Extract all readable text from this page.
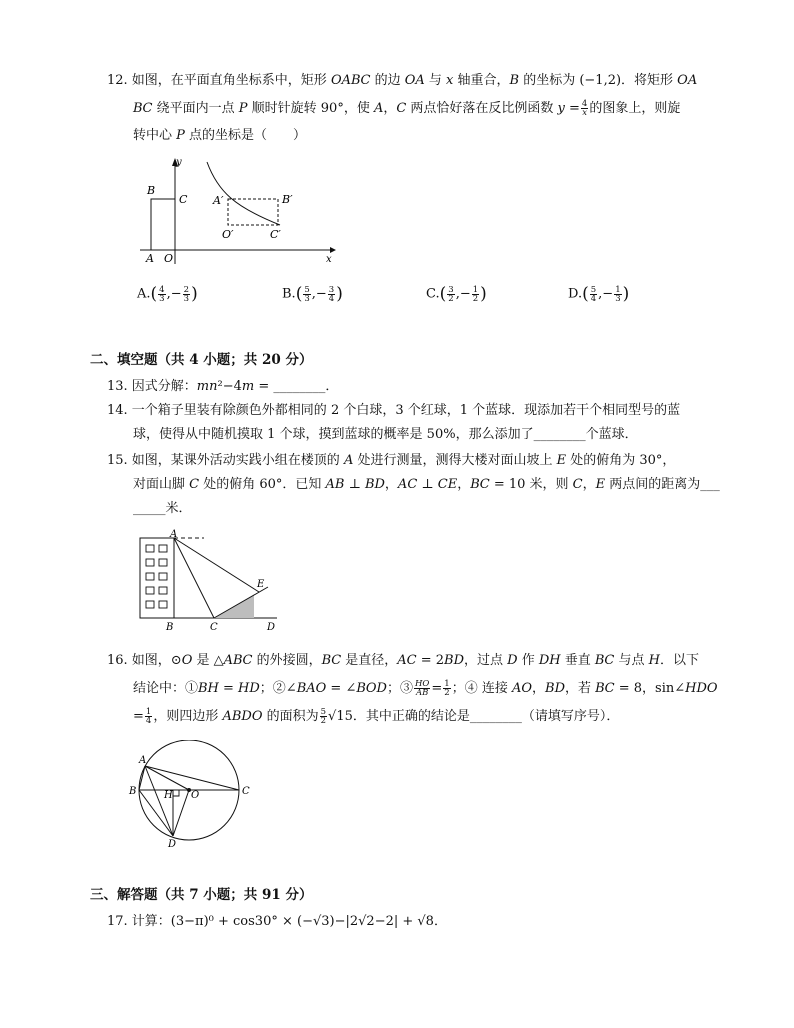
12. 如图，在平面直角坐标系中，矩形 𝑂𝐴𝐵𝐶 的边 𝑂𝐴 与 𝑥 轴重合，𝐵 的坐标为 (−1,2)．将矩形 𝑂𝐴
𝐵𝐶 绕平面内一点 𝑃 顺时针旋转 90°，使 𝐴，𝐶 两点恰好落在反比例函数 𝑦 = $\frac{4}{\text{𝑥}}$ 的图象上，则旋
转中心 𝑃 点的坐标是（　　）
y
x
B
C
A O
A′	B′
O′	C′
$A.( \frac{4}{3}$ ,− $\frac{2}{3}$ )	$B.( \frac{5}{3}$ ,− $\frac{3}{4}$ )	$C.( \frac{3}{2}$ ,− $\frac{1}{2}$ )	$D.( \frac{5}{4}$ ,− $\frac{1}{3}$ )
二、填空题（共 4 小题；共 20 分）
13. 因式分解：𝑚𝑛²−4𝑚 = ________．
14. 一个箱子里装有除颜色外都相同的 2 个白球，3 个红球，1 个蓝球．现添加若干个相同型号的蓝
球，使得从中随机摸取 1 个球，摸到蓝球的概率是 50%，那么添加了________个蓝球．
15. 如图，某课外活动实践小组在楼顶的 𝐴 处进行测量，测得大楼对面山坡上 𝐸 处的俯角为 30°，
对面山脚 𝐶 处的俯角 60°．已知 𝐴𝐵 ⊥ 𝐵𝐷，𝐴𝐶 ⊥ 𝐶𝐸，𝐵𝐶 = 10 米，则 𝐶，𝐸 两点间的距离为___
_____米．
A
B	C	D
E
16. 如图，⊙𝑂 是 △𝐴𝐵𝐶 的外接圆，𝐵𝐶 是直径，𝐴𝐶 = 2𝐵𝐷，过点 𝐷 作 𝐷𝐻 垂直 𝐵𝐶 与点 𝐻．以下
结论中：①𝐵𝐻 = 𝐻𝐷；②∠𝐵𝐴𝑂 = ∠𝐵𝑂𝐷；③ $\frac{\text{𝐻𝑂}}{\text{𝐴𝐵}} = \frac{1}{2}$ ；④ 连接 𝐴𝑂，𝐵𝐷，若 𝐵𝐶 = 8，sin∠𝐻𝐷𝑂
= $\frac{1}{4}$ ，则四边形 𝐴𝐵𝐷𝑂 的面积为 $\frac{5}{2} √15$．其中正确的结论是________（请填写序号）．
A
B	C
D
H O
三、解答题（共 7 小题；共 91 分）
17. 计算：(3−π)⁰ + cos30° × (−√3)−|2√2−2| + √8．
